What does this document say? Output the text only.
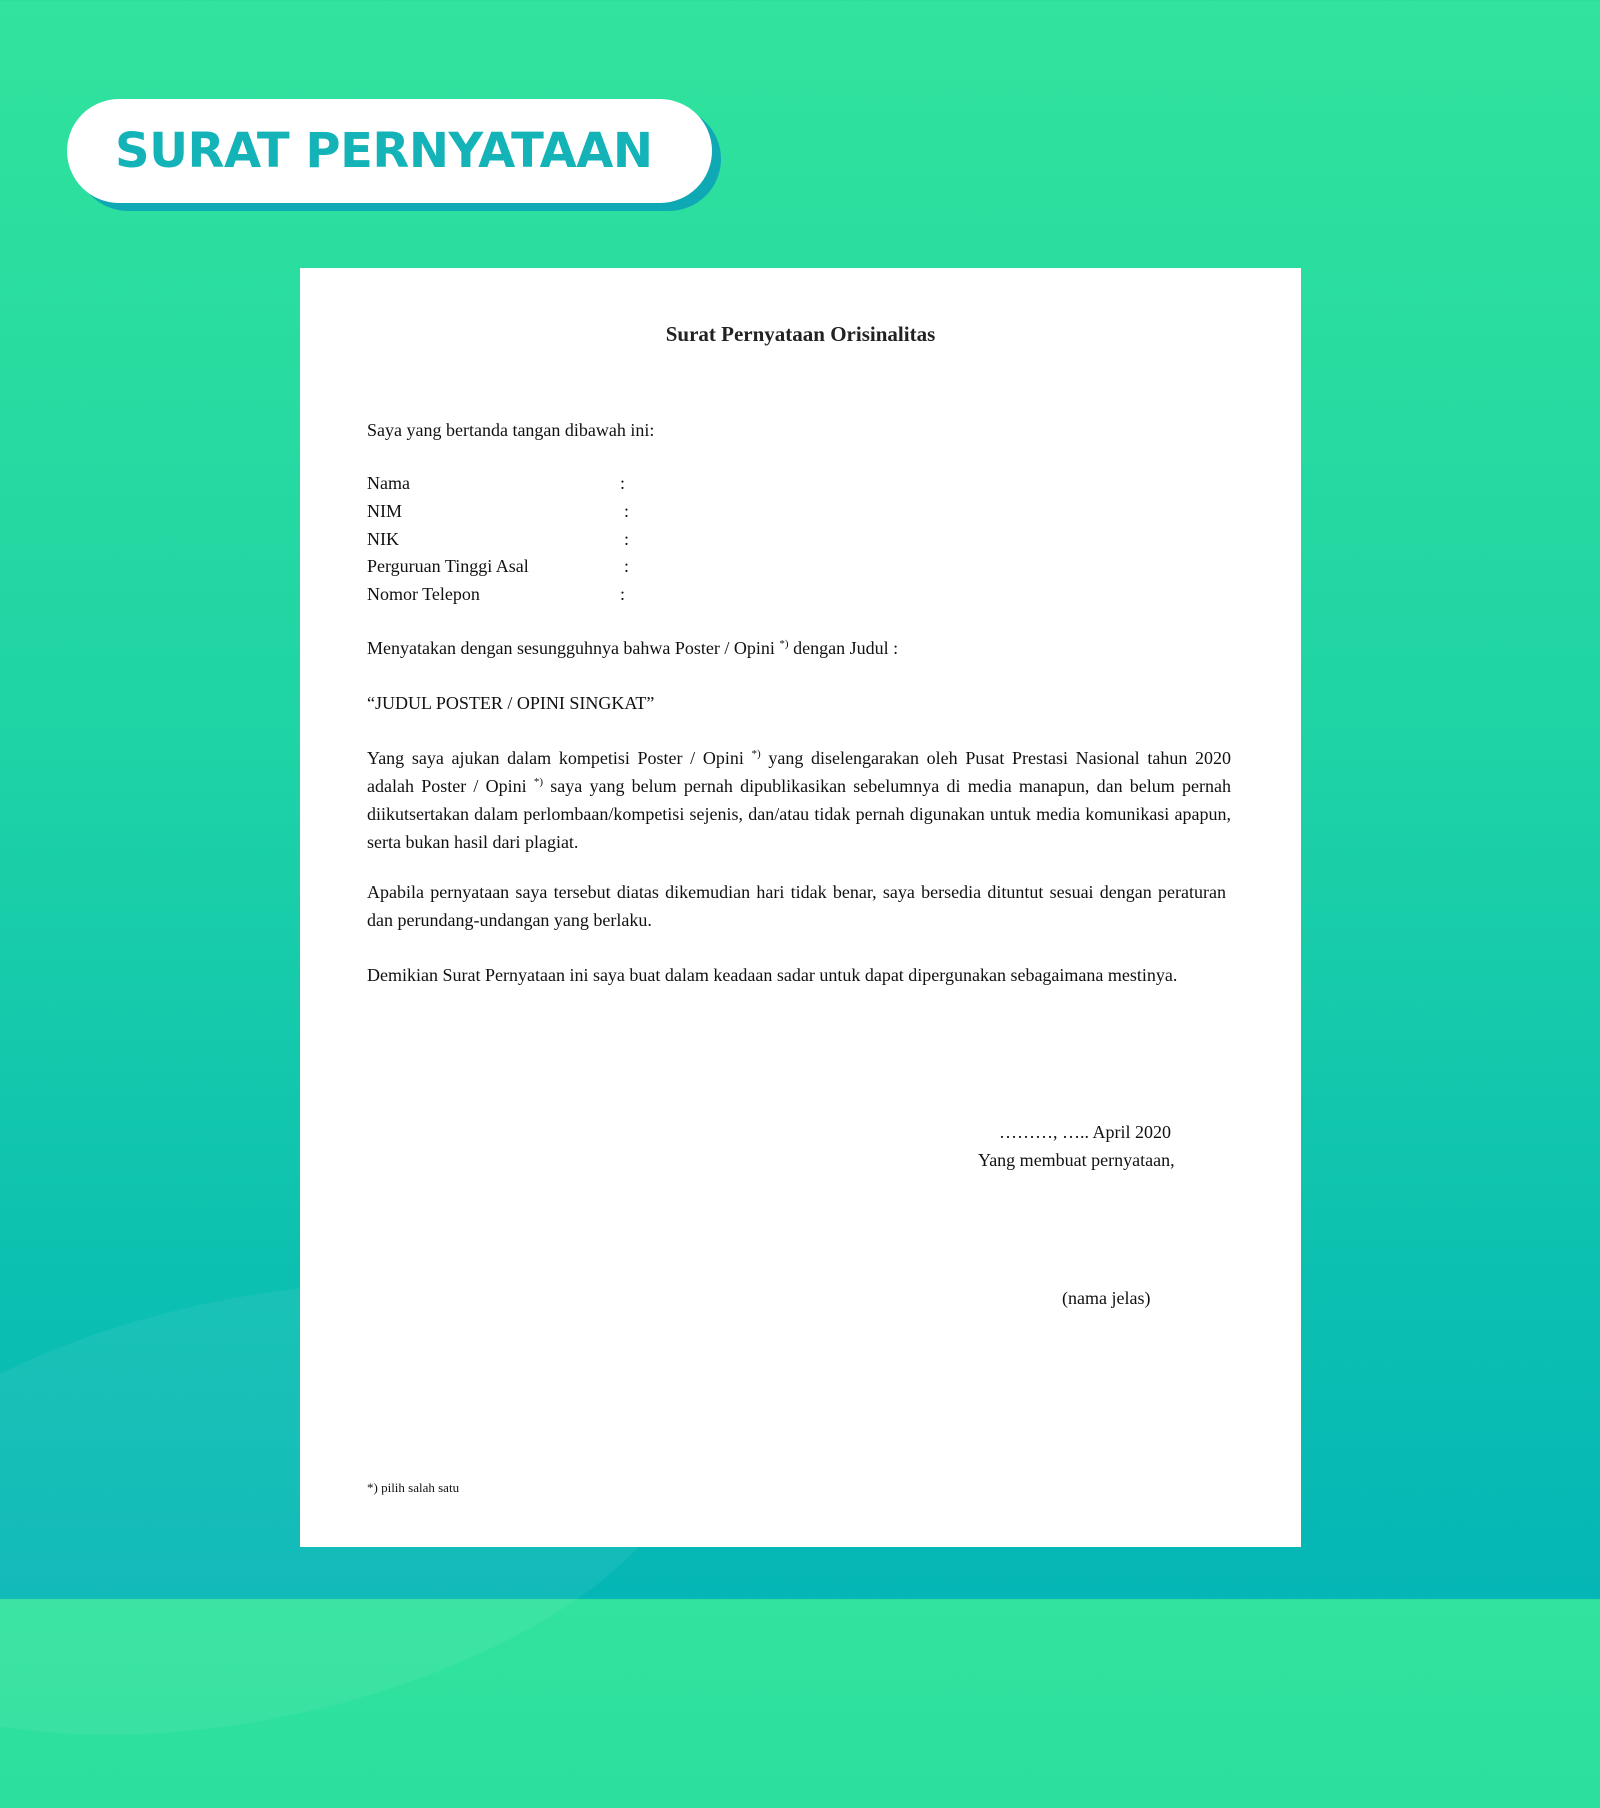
SURAT PERNYATAAN
Surat Pernyataan Orisinalitas

Saya yang bertanda tangan dibawah ini:

Nama	:
NIM	:
NIK	:
Perguruan Tinggi Asal	:
Nomor Telepon	:

Menyatakan dengan sesungguhnya bahwa Poster / Opini *) dengan Judul :

“JUDUL POSTER / OPINI SINGKAT”

Yang saya ajukan dalam kompetisi Poster / Opini *) yang diselengarakan oleh Pusat Prestasi Nasional tahun 2020 adalah Poster / Opini *) saya yang belum pernah dipublikasikan sebelumnya di media manapun, dan belum pernah diikutsertakan dalam perlombaan/kompetisi sejenis, dan/atau tidak pernah digunakan untuk media komunikasi apapun, serta bukan hasil dari plagiat.

Apabila pernyataan saya tersebut diatas dikemudian hari tidak benar, saya bersedia dituntut sesuai dengan peraturan dan perundang-undangan yang berlaku.

Demikian Surat Pernyataan ini saya buat dalam keadaan sadar untuk dapat dipergunakan sebagaimana mestinya.

………, ….. April 2020
Yang membuat pernyataan,
(nama jelas)
*) pilih salah satu
